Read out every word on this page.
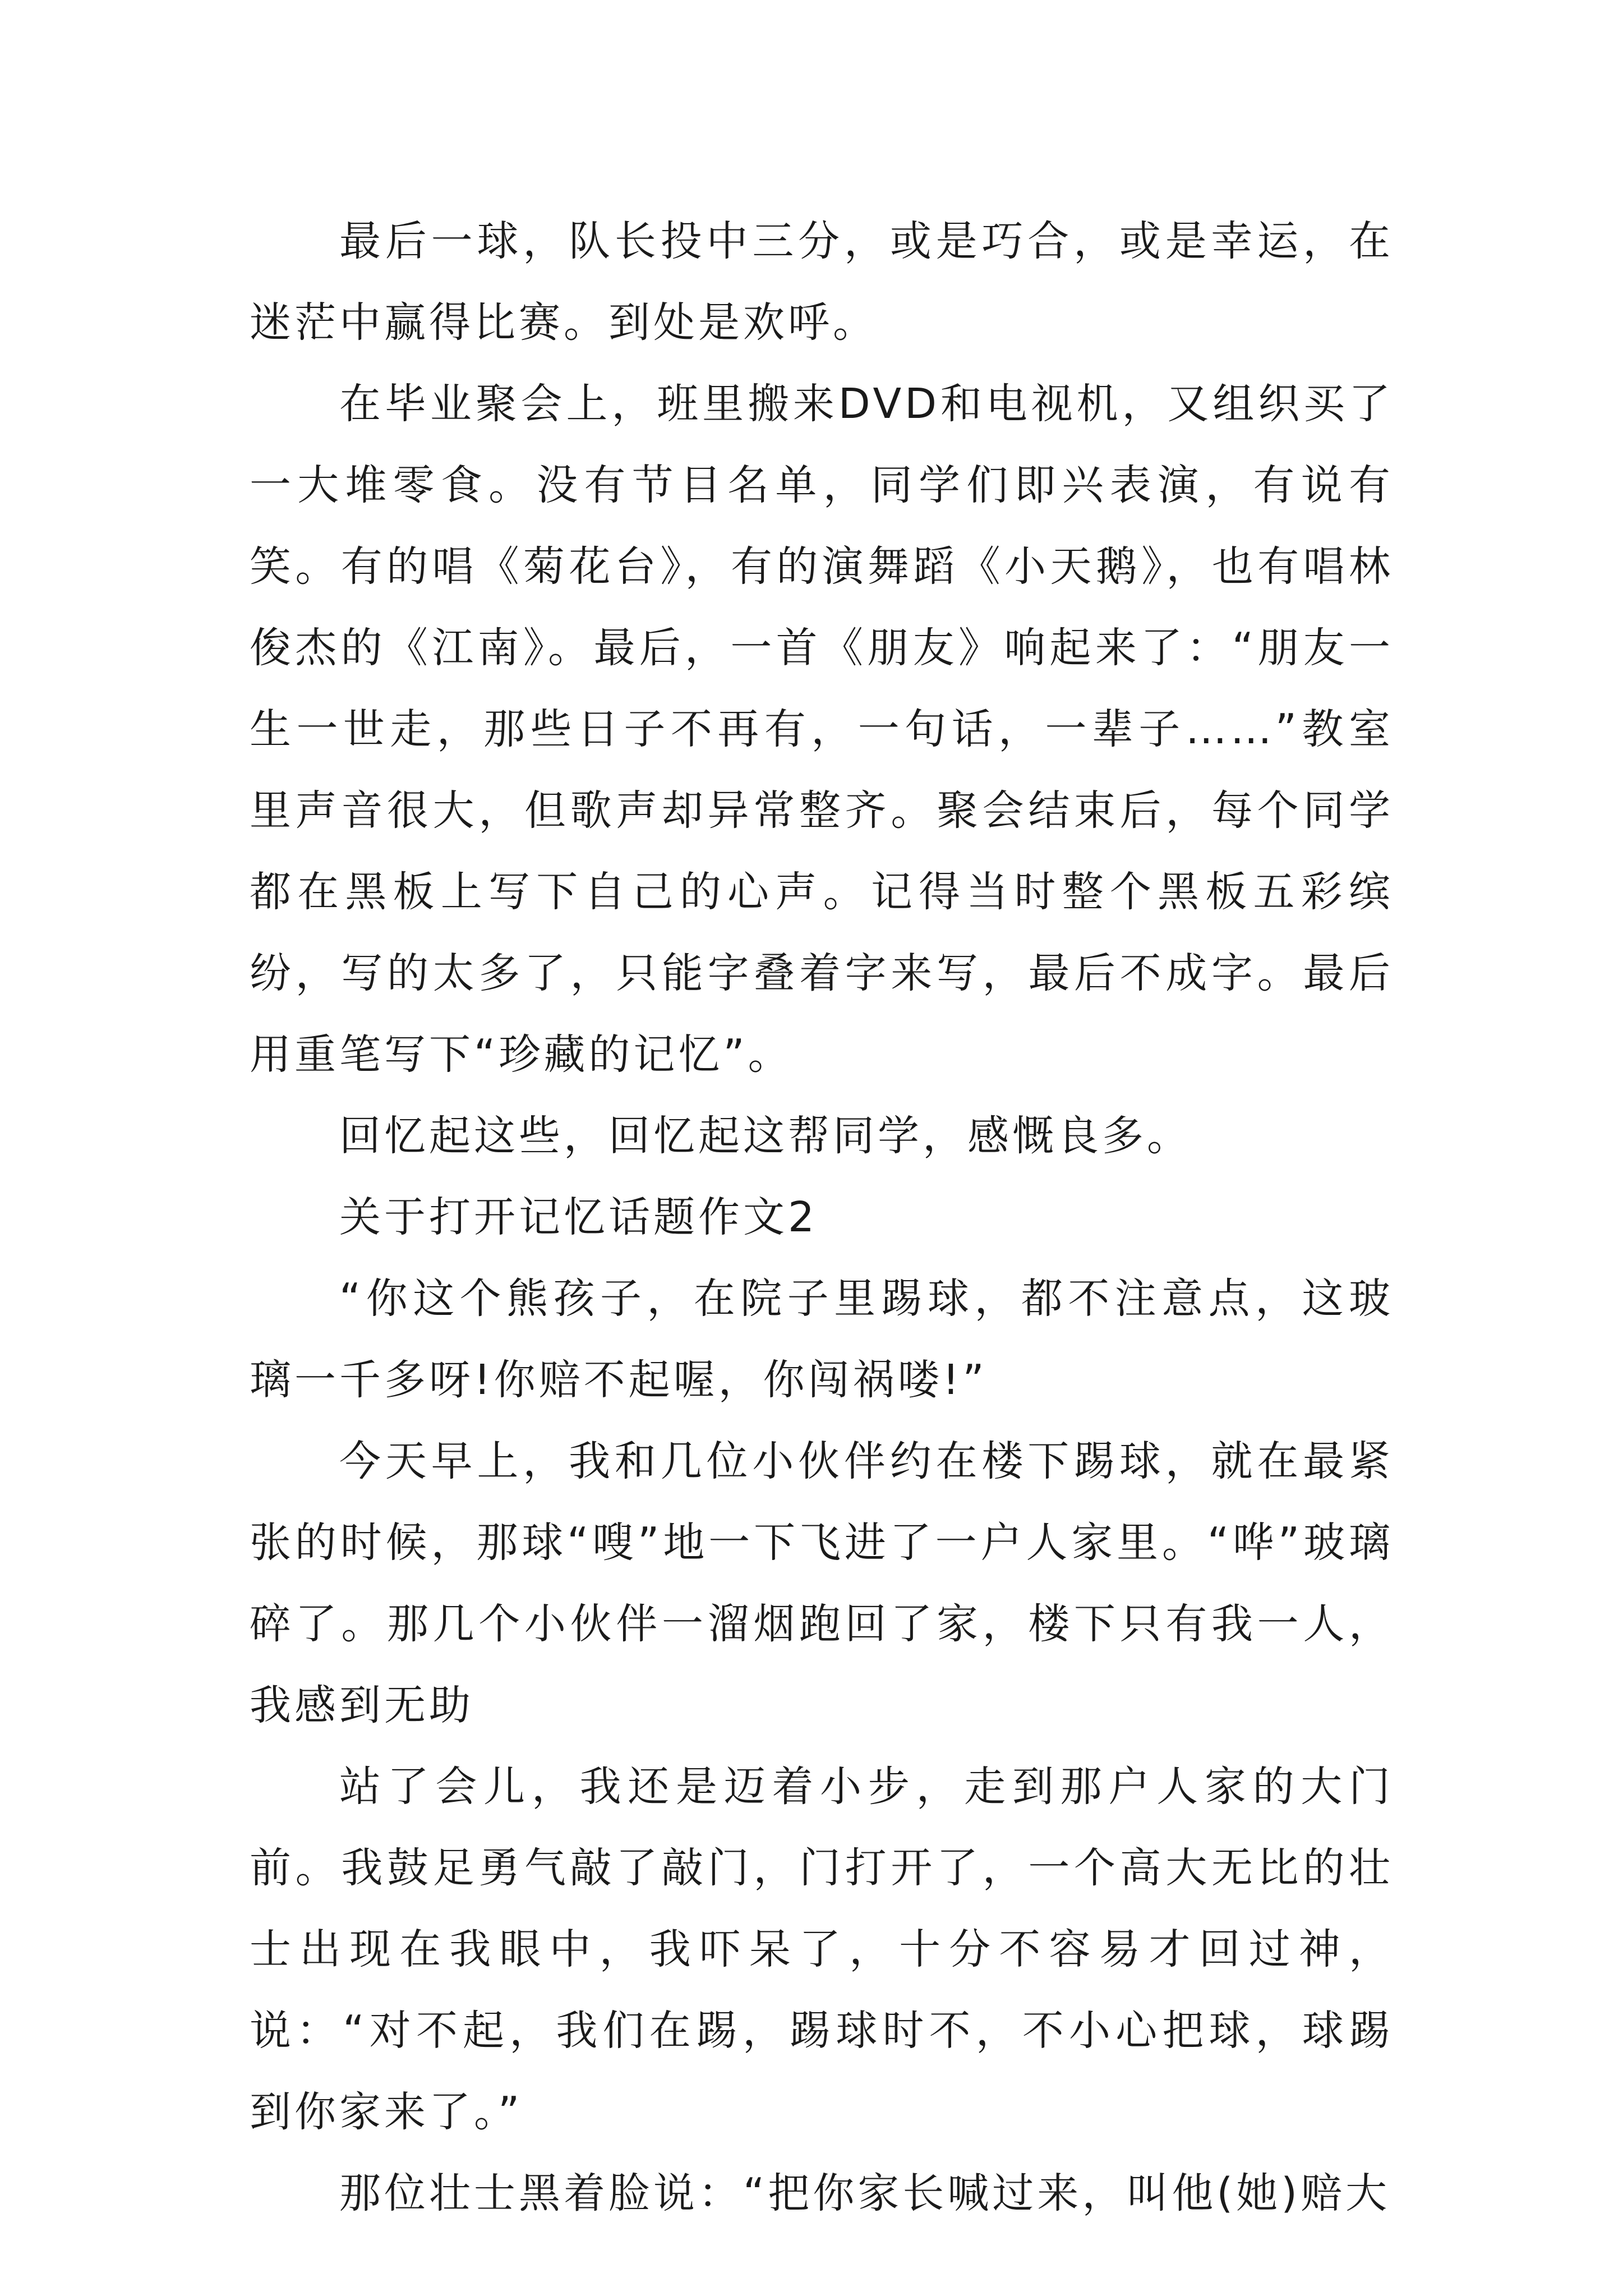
最后一球，队长投中三分，或是巧合，或是幸运，在迷茫中赢得比赛。到处是欢呼。

在毕业聚会上，班里搬来DVD和电视机，又组织买了一大堆零食。没有节目名单，同学们即兴表演，有说有笑。有的唱《菊花台》，有的演舞蹈《小天鹅》，也有唱林俊杰的《江南》。最后，一首《朋友》响起来了：“朋友一生一世走，那些日子不再有，一句话，一辈子……”教室里声音很大，但歌声却异常整齐。聚会结束后，每个同学都在黑板上写下自己的心声。记得当时整个黑板五彩缤纷，写的太多了，只能字叠着字来写，最后不成字。最后用重笔写下“珍藏的记忆”。

回忆起这些，回忆起这帮同学，感慨良多。

关于打开记忆话题作文2

“你这个熊孩子，在院子里踢球，都不注意点，这玻璃一千多呀!你赔不起喔，你闯祸喽!”

今天早上，我和几位小伙伴约在楼下踢球，就在最紧张的时候，那球“嗖”地一下飞进了一户人家里。“哗”玻璃碎了。那几个小伙伴一溜烟跑回了家，楼下只有我一人，我感到无助

站了会儿，我还是迈着小步，走到那户人家的大门前。我鼓足勇气敲了敲门，门打开了，一个高大无比的壮士出现在我眼中，我吓呆了，十分不容易才回过神，说：“对不起，我们在踢，踢球时不，不小心把球，球踢到你家来了。”

那位壮士黑着脸说：“把你家长喊过来，叫他(她)赔大
